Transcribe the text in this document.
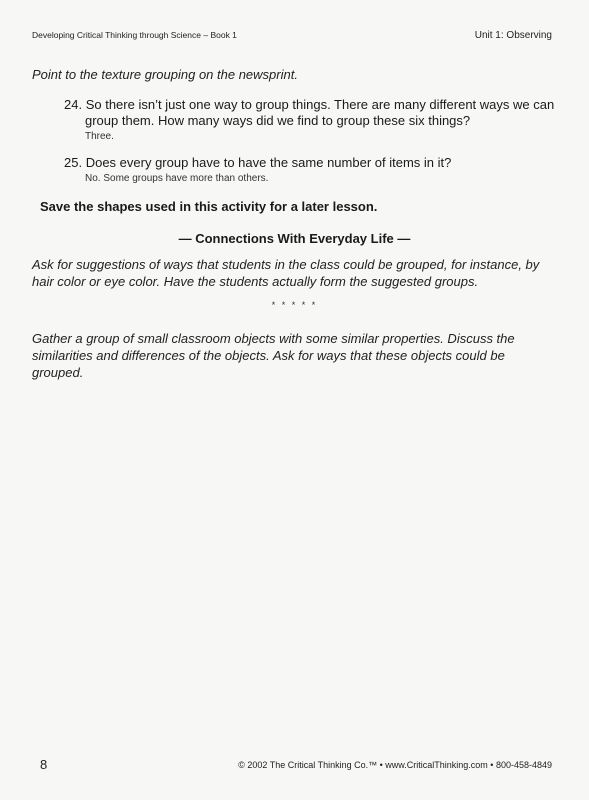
Developing Critical Thinking through Science – Book 1	Unit 1: Observing
Point to the texture grouping on the newsprint.
24. So there isn’t just one way to group things. There are many different ways we can group them. How many ways did we find to group these six things?
Three.
25. Does every group have to have the same number of items in it?
No. Some groups have more than others.
Save the shapes used in this activity for a later lesson.
— Connections With Everyday Life —
Ask for suggestions of ways that students in the class could be grouped, for instance, by hair color or eye color. Have the students actually form the suggested groups.
* * * * *
Gather a group of small classroom objects with some similar properties. Discuss the similarities and differences of the objects. Ask for ways that these objects could be grouped.
8	© 2002 The Critical Thinking Co.™ • www.CriticalThinking.com • 800-458-4849
